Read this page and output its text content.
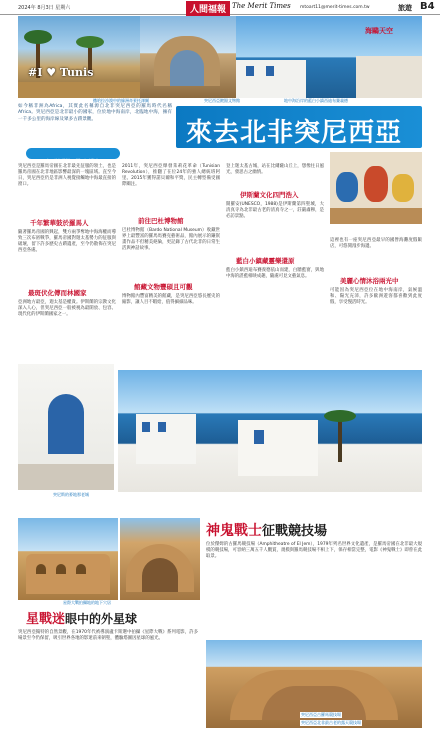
2024年 8月3日 星期六	人間福報 The Merit Times mtoart11@merit-times.com.tw	旅遊 B4
#I ♥ Tunis
海鷗天空
撒哈拉沙漠中的綠洲奇景托澤爾	突尼西亞鍍銀文物館	地中海沿岸的藍白小鎮西迪布賽義德
來去北非突尼西亞
如今稱非洲為Africa，其實此名稱源自北非突尼西亞的羅馬時代名稱Africa。突尼西亞是北非最小的國家，位於地中海南岸，北臨地中海，擁有一千多公里的海岸線及眾多古蹟景觀。
文／林昭嵐　圖／王聰仁
突尼西亞是羅馬帝國在北非最先征服的領土，也是羅馬帝國在北非地區影響最深的一塊區域。直至今日，突尼西亞仍是非洲人視覺接觸地中海最直接的窗口。
千年繁華鼓於羅馬人
隨著羅馬帝國的興起，雙方兩爭奪地中海海權而導致三次布匿戰爭，羅馬帝國對迦太基勢力的征服與破壞，留下許多歷史古蹟遺產，至今仍散佈在突尼西亞各處。
最斑伏化傳而林國家
亞洲地方最亞，迦太基是權貴。伊斯蘭的宗教文化深入人心，但突尼西亞一般被視為最開放、包容、現代化的伊斯蘭國家之一。
2011年，突尼西亞爆發茉莉花革命（Tunisian Revolution），推翻了在位24年的強人總統班阿里。2015年獲得諾貝爾和平獎，民主轉型備受國際關注。
前往巴杜博物館
巴杜博物館（Bardo National Museum）收藏世界上最豐富的羅馬馬賽克藝術品，館內展示的鑲嵌畫作品不但精美絕倫，更記錄了古代北非的日常生活與神話故事。
館藏文物豐碩且可觀
博物館內豐富精美的館藏，是突尼西亞悠長歷史的縮影，讓人目不暇給，值得細細品味。
登上迦太基古城，站在比爾薩山丘上，想像往日風光，發思古之幽情。
伊斯蘭文化四門浩入
開羅安(UNESCO，1988)是伊斯蘭第四聖城，大清真寺為北非最古老的清真寺之一，莊嚴肅穆，是必訪景點。
藍白小鎮藏靈樂還原
藍白小鎮西迪布賽義德依山而建，白牆藍窗，與地中海的湛藍相映成趣，隨處可見文藝氣息。
這裡也有一座突尼西亞最早的國營海灘度假飯店，可悠閒漫步海邊。
美麗心情沐浴兩光中
可能因為突尼西亞位在地中海南岸，氣候溫和、陽光充沛，許多歐洲遊客都喜歡到此度假，享受慢活時光。
突尼斯的麥地那老城
星際大戰拍攝地的地下穴居
神鬼戰士征戰競技場
位於傑姆的古羅馬競技場（Amphitheatre of El Jem），1979年列名世界文化遺產，是羅馬帝國在北非最大規模的競技場，可容納三萬五千人觀賞，規模與羅馬競技場不相上下，保存相當完整，電影《神鬼戰士》即曾在此取景。
突尼西亞古羅馬競技場
突尼西亞北非最古老的露天競技場
星戰迷眼中的外星球
突尼西亞獨特的自然景觀，在1970年代被導演盧卡斯選中拍攝《星際大戰》系列電影，許多場景至今仍保留，吸引世界各地的影迷前來朝聖，體驗塔圖因星球的風光。
